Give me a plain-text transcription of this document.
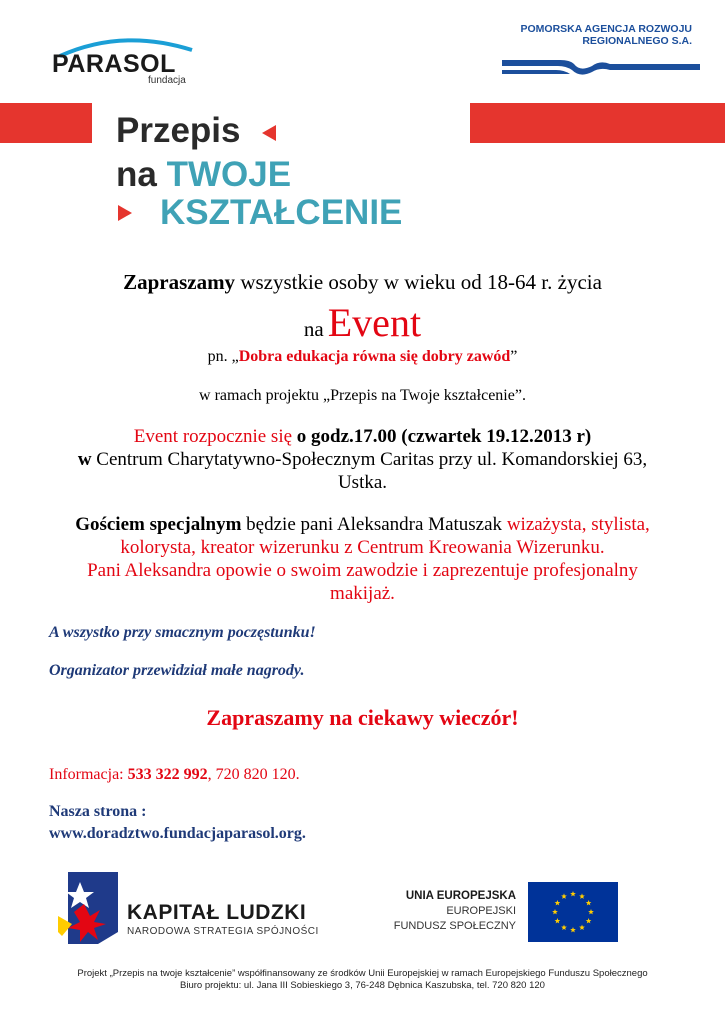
PARASOL
fundacja
POMORSKA AGENCJA ROZWOJU
REGIONALNEGO S.A.
Przepis
na TWOJE
KSZTAŁCENIE
Zapraszamy wszystkie osoby w wieku od 18-64 r. życia
na Event
pn. „Dobra edukacja równa się dobry zawód”
w ramach projektu „Przepis na Twoje kształcenie”.
Event rozpocznie się o godz.17.00 (czwartek 19.12.2013 r)
w Centrum Charytatywno-Społecznym Caritas przy ul. Komandorskiej 63,
Ustka.
Gościem specjalnym będzie pani Aleksandra Matuszak wizażysta, stylista,
kolorysta, kreator wizerunku z Centrum Kreowania Wizerunku.
Pani Aleksandra opowie o swoim zawodzie i zaprezentuje profesjonalny
makijaż.
A wszystko przy smacznym poczęstunku!
Organizator przewidział małe nagrody.
Zapraszamy na ciekawy wieczór!
Informacja: 533 322 992, 720 820 120.
Nasza strona :
www.doradztwo.fundacjaparasol.org.
KAPITAŁ LUDZKI
NARODOWA STRATEGIA SPÓJNOŚCI
UNIA EUROPEJSKA
EUROPEJSKI
FUNDUSZ SPOŁECZNY
Projekt „Przepis na twoje kształcenie” współfinansowany ze środków Unii Europejskiej w ramach Europejskiego Funduszu Społecznego
Biuro projektu: ul. Jana III Sobieskiego 3, 76-248 Dębnica Kaszubska, tel. 720 820 120
